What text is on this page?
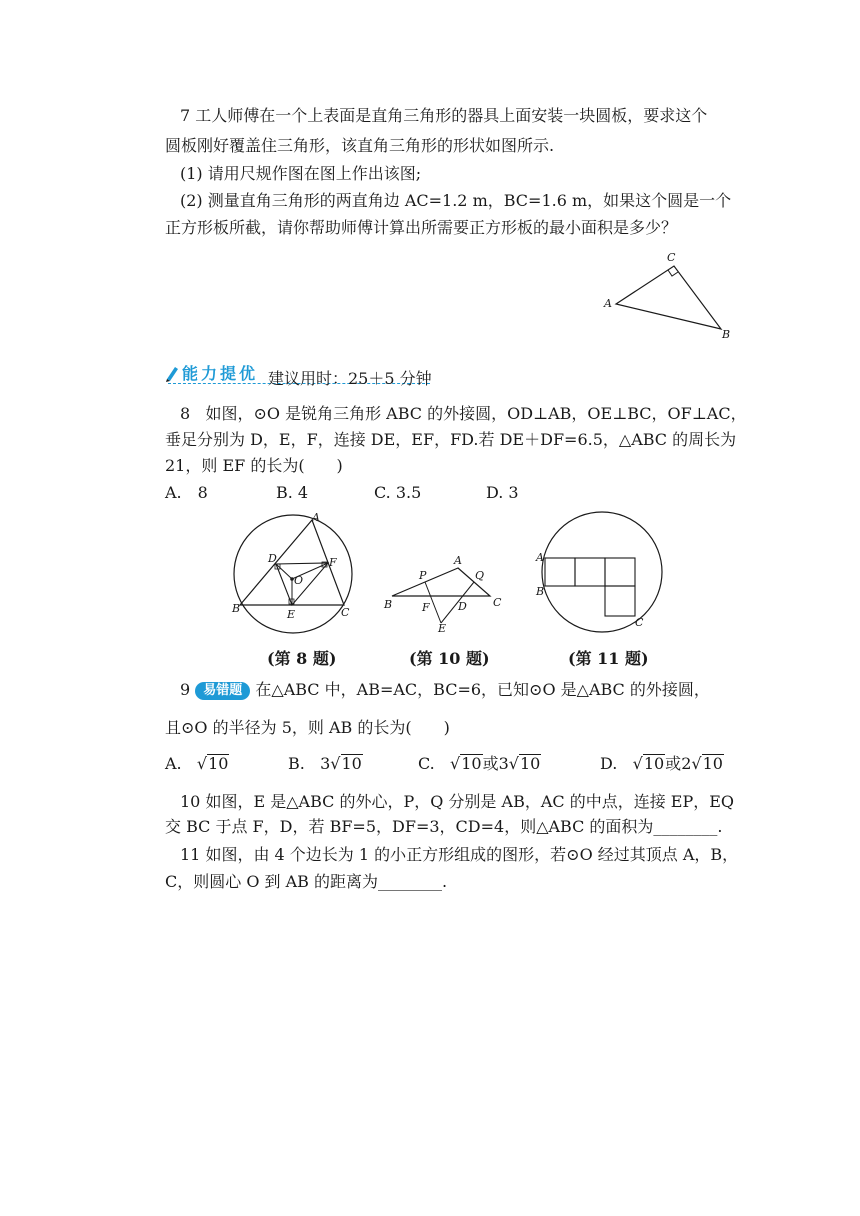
7 工人师傅在一个上表面是直角三角形的器具上面安装一块圆板，要求这个
圆板刚好覆盖住三角形，该直角三角形的形状如图所示.
(1) 请用尺规作图在图上作出该图;
(2) 测量直角三角形的两直角边 AC=1.2 m，BC=1.6 m，如果这个圆是一个
正方形板所截，请你帮助师傅计算出所需要正方形板的最小面积是多少？
C
A
B
能力提优 建议用时：25＋5 分钟
8 如图，⊙O 是锐角三角形 ABC 的外接圆，OD⊥AB，OE⊥BC，OF⊥AC，
垂足分别为 D，E，F，连接 DE，EF，FD.若 DE＋DF=6.5，△ABC 的周长为
21，则 EF 的长为(　　)
A.　8	B. 4	C. 3.5	D. 3
A
B	C
D
E
F
O
A
B	C
P	Q
F	D
E
A
B
C
(第 8 题)	(第 10 题)	(第 11 题)
9 易错题 在△ABC 中，AB=AC，BC=6，已知⊙O 是△ABC 的外接圆，
且⊙O 的半径为 5，则 AB 的长为(　　)
A. √10	B. 3√10	C. √10或3√10	D. √10或2√10
10 如图，E 是△ABC 的外心，P，Q 分别是 AB，AC 的中点，连接 EP，EQ
交 BC 于点 F，D，若 BF=5，DF=3，CD=4，则△ABC 的面积为________.
11 如图，由 4 个边长为 1 的小正方形组成的图形，若⊙O 经过其顶点 A，B，
C，则圆心 O 到 AB 的距离为________.
